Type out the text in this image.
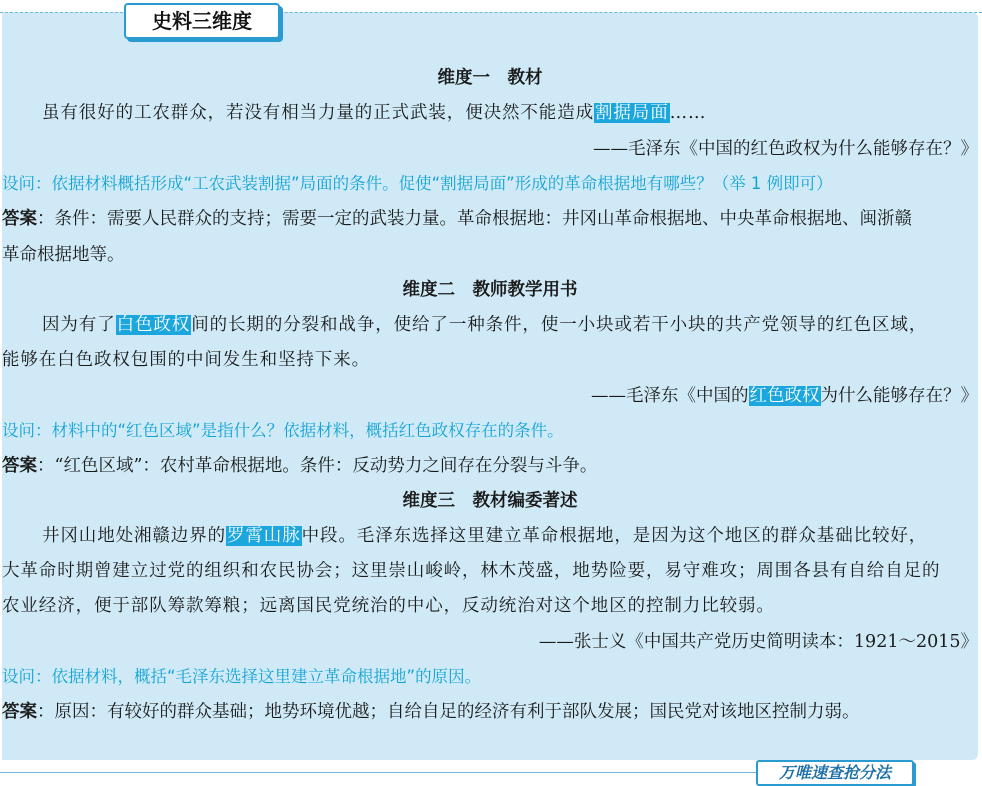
史料三维度
维度一　教材
虽有很好的工农群众，若没有相当力量的正式武装，便决然不能造成割据局面……
——毛泽东《中国的红色政权为什么能够存在？》
设问：依据材料概括形成“工农武装割据”局面的条件。促使“割据局面”形成的革命根据地有哪些？（举 1 例即可）
答案：条件：需要人民群众的支持；需要一定的武装力量。革命根据地：井冈山革命根据地、中央革命根据地、闽浙赣
革命根据地等。
维度二　教师教学用书
因为有了白色政权间的长期的分裂和战争，使给了一种条件，使一小块或若干小块的共产党领导的红色区域，
能够在白色政权包围的中间发生和坚持下来。
——毛泽东《中国的红色政权为什么能够存在？》
设问：材料中的“红色区域”是指什么？依据材料，概括红色政权存在的条件。
答案：“红色区域”：农村革命根据地。条件：反动势力之间存在分裂与斗争。
维度三　教材编委著述
井冈山地处湘赣边界的罗霄山脉中段。毛泽东选择这里建立革命根据地，是因为这个地区的群众基础比较好，
大革命时期曾建立过党的组织和农民协会；这里崇山峻岭，林木茂盛，地势险要，易守难攻；周围各县有自给自足的
农业经济，便于部队筹款筹粮；远离国民党统治的中心，反动统治对这个地区的控制力比较弱。
——张士义《中国共产党历史简明读本：1921～2015》
设问：依据材料，概括“毛泽东选择这里建立革命根据地”的原因。
答案：原因：有较好的群众基础；地势环境优越；自给自足的经济有利于部队发展；国民党对该地区控制力弱。
万唯速查抢分法
